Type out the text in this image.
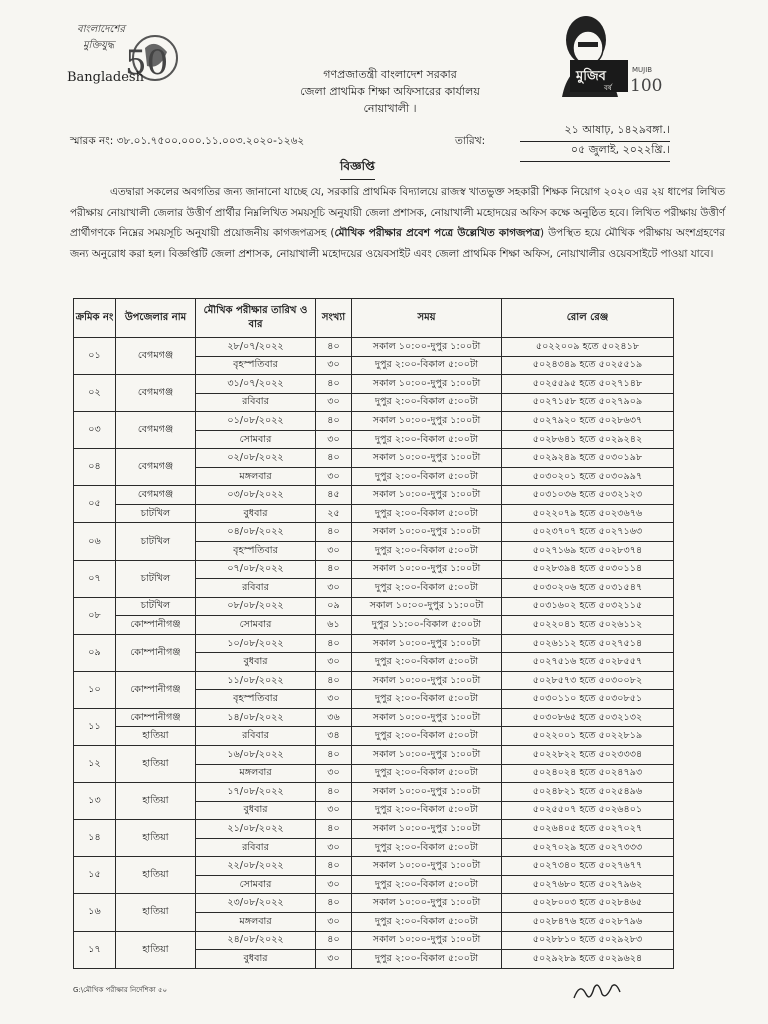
50
বাংলাদেশের
মুক্তিযুদ্ধ
Bangladesh	মুজিব
বর্ষ
MUJIB
100
গণপ্রজাতন্ত্রী বাংলাদেশ সরকার
জেলা প্রাথমিক শিক্ষা অফিসারের কার্যালয়
নোয়াখালী ।
স্মারক নং: ৩৮.০১.৭৫০০.০০০.১১.০০৩.২০২০-১২৬২	তারিখ:
২১ আষাঢ়, ১৪২৯বঙ্গা.।
০৫ জুলাই, ২০২২খ্রি.।
বিজ্ঞপ্তি
এতদ্বারা সকলের অবগতির জন্য জানানো যাচ্ছে যে, সরকারি প্রাথমিক বিদ্যালয়ে রাজস্ব খাতভুক্ত সহকারী শিক্ষক নিয়োগ ২০২০ এর ২য় ধাপের লিখিত পরীক্ষায় নোয়াখালী জেলার উত্তীর্ণ প্রার্থীর নিম্নলিখিত সময়সূচি অনুযায়ী জেলা প্রশাসক, নোয়াখালী মহোদয়ের অফিস কক্ষে অনুষ্ঠিত হবে। লিখিত পরীক্ষায় উত্তীর্ণ প্রার্থীগণকে নিম্নের সময়সূচি অনুযায়ী প্রয়োজনীয় কাগজপত্রসহ (মৌখিক পরীক্ষার প্রবেশ পত্রে উল্লেখিত কাগজপত্র) উপস্থিত হয়ে মৌখিক পরীক্ষায় অংশগ্রহণের জন্য অনুরোধ করা হল। বিজ্ঞপ্তিটি জেলা প্রশাসক, নোয়াখালী মহোদয়ের ওয়েবসাইট এবং জেলা প্রাথমিক শিক্ষা অফিস, নোয়াখালীর ওয়েবসাইটে পাওয়া যাবে।
ক্রমিক নং	উপজেলার নাম	মৌখিক পরীক্ষার তারিখ ও বার	সংখ্যা	সময়	রোল রেঞ্জ
০১	বেগমগঞ্জ	২৮/০৭/২০২২	৪০	সকাল ১০:০০-দুপুর ১:০০টা	৫০২২০০৯ হতে ৫০২৪১৮
		বৃহস্পতিবার	৩০	দুপুর ২:০০-বিকাল ৫:০০টা	৫০২৪৩৪৯ হতে ৫০২৫৫১৯
০২	বেগমগঞ্জ	৩১/০৭/২০২২	৪০	সকাল ১০:০০-দুপুর ১:০০টা	৫০২৫৫৯৫ হতে ৫০২৭১৪৮
		রবিবার	৩০	দুপুর ২:০০-বিকাল ৫:০০টা	৫০২৭১৫৮ হতে ৫০২৭৯০৯
০৩	বেগমগঞ্জ	০১/০৮/২০২২	৪০	সকাল ১০:০০-দুপুর ১:০০টা	৫০২৭৯২০ হতে ৫০২৮৬৩৭
		সোমবার	৩০	দুপুর ২:০০-বিকাল ৫:০০টা	৫০২৮৬৪১ হতে ৫০২৯২৪২
০৪	বেগমগঞ্জ	০২/০৮/২০২২	৪০	সকাল ১০:০০-দুপুর ১:০০টা	৫০২৯২৪৯ হতে ৫০৩০১৯৮
		মঙ্গলবার	৩০	দুপুর ২:০০-বিকাল ৫:০০টা	৫০৩০২০১ হতে ৫০৩০৯৯৭
০৫	বেগমগঞ্জ	০৩/০৮/২০২২	৪৫	সকাল ১০:০০-দুপুর ১:০০টা	৫০৩১০৩৬ হতে ৫০৩২১২৩
	চাটখিল	বুধবার	২৫	দুপুর ২:০০-বিকাল ৫:০০টা	৫০২২০৭৯ হতে ৫০২৩৬৭৬
০৬	চাটখিল	০৪/০৮/২০২২	৪০	সকাল ১০:০০-দুপুর ১:০০টা	৫০২৩৭০৭ হতে ৫০২৭১৬৩
		বৃহস্পতিবার	৩০	দুপুর ২:০০-বিকাল ৫:০০টা	৫০২৭১৬৯ হতে ৫০২৮৩৭৪
০৭	চাটখিল	০৭/০৮/২০২২	৪০	সকাল ১০:০০-দুপুর ১:০০টা	৫০২৮৩৯৪ হতে ৫০৩০১১৪
		রবিবার	৩০	দুপুর ২:০০-বিকাল ৫:০০টা	৫০৩০২০৬ হতে ৫০৩১৫৪৭
০৮	চাটখিল	০৮/০৮/২০২২	০৯	সকাল ১০:০০-দুপুর ১১:০০টা	৫০৩১৬০২ হতে ৫০৩২১১৫
	কোম্পানীগঞ্জ	সোমবার	৬১	দুপুর ১১:০০-বিকাল ৫:০০টা	৫০২২০৪১ হতে ৫০২৬১১২
০৯	কোম্পানীগঞ্জ	১০/০৮/২০২২	৪০	সকাল ১০:০০-দুপুর ১:০০টা	৫০২৬১১২ হতে ৫০২৭৫১৪
		বুধবার	৩০	দুপুর ২:০০-বিকাল ৫:০০টা	৫০২৭৫১৬ হতে ৫০২৮৫৫৭
১০	কোম্পানীগঞ্জ	১১/০৮/২০২২	৪০	সকাল ১০:০০-দুপুর ১:০০টা	৫০২৮৫৭৩ হতে ৫০৩০০৮২
		বৃহস্পতিবার	৩০	দুপুর ২:০০-বিকাল ৫:০০টা	৫০৩০১১০ হতে ৫০৩০৮৫১
১১	কোম্পানীগঞ্জ	১৪/০৮/২০২২	৩৬	সকাল ১০:০০-দুপুর ১:০০টা	৫০৩০৮৬৫ হতে ৫০৩২১৩২
	হাতিয়া	রবিবার	৩৪	দুপুর ২:০০-বিকাল ৫:০০টা	৫০২২০০১ হতে ৫০২২৮১৯
১২	হাতিয়া	১৬/০৮/২০২২	৪০	সকাল ১০:০০-দুপুর ১:০০টা	৫০২২৮২২ হতে ৫০২৩৩৩৪
		মঙ্গলবার	৩০	দুপুর ২:০০-বিকাল ৫:০০টা	৫০২৪০২৪ হতে ৫০২৪৭৯৩
১৩	হাতিয়া	১৭/০৮/২০২২	৪০	সকাল ১০:০০-দুপুর ১:০০টা	৫০২৪৮২১ হতে ৫০২৫৪৯৬
		বুধবার	৩০	দুপুর ২:০০-বিকাল ৫:০০টা	৫০২৫৫০৭ হতে ৫০২৬৪০১
১৪	হাতিয়া	২১/০৮/২০২২	৪০	সকাল ১০:০০-দুপুর ১:০০টা	৫০২৬৪০৫ হতে ৫০২৭০২৭
		রবিবার	৩০	দুপুর ২:০০-বিকাল ৫:০০টা	৫০২৭০২৯ হতে ৫০২৭৩৩৩
১৫	হাতিয়া	২২/০৮/২০২২	৪০	সকাল ১০:০০-দুপুর ১:০০টা	৫০২৭৩৪০ হতে ৫০২৭৬৭৭
		সোমবার	৩০	দুপুর ২:০০-বিকাল ৫:০০টা	৫০২৭৬৮০ হতে ৫০২৭৯৬২
১৬	হাতিয়া	২৩/০৮/২০২২	৪০	সকাল ১০:০০-দুপুর ১:০০টা	৫০২৮০০৩ হতে ৫০২৮৪৬৫
		মঙ্গলবার	৩০	দুপুর ২:০০-বিকাল ৫:০০টা	৫০২৮৪৭৬ হতে ৫০২৮৭৯৬
১৭	হাতিয়া	২৪/০৮/২০২২	৪০	সকাল ১০:০০-দুপুর ১:০০টা	৫০২৮৮১০ হতে ৫০২৯২৮৩
		বুধবার	৩০	দুপুর ২:০০-বিকাল ৫:০০টা	৫০২৯২৮৯ হতে ৫০২৯৬২৪
G:\মৌখিক পরীক্ষার নির্দেশিকা ৫০
